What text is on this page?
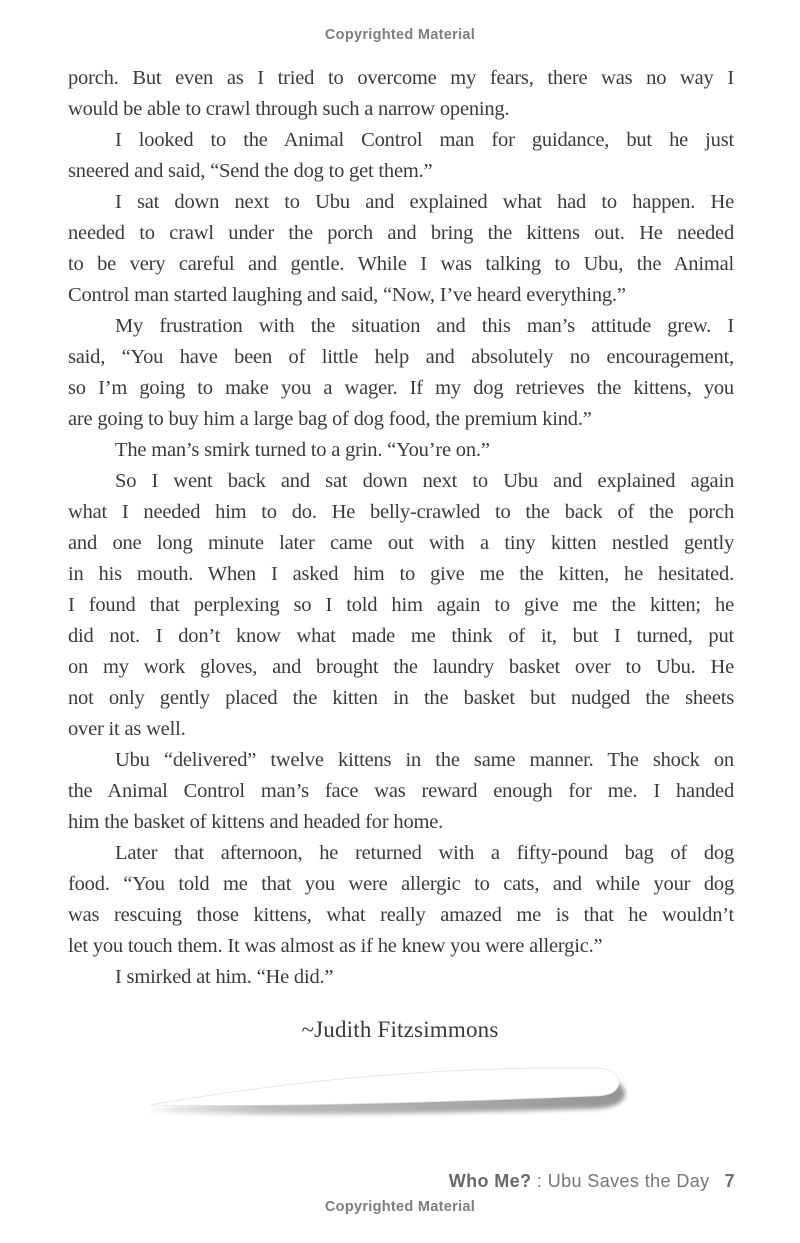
Copyrighted Material
porch. But even as I tried to overcome my fears, there was no way I
would be able to crawl through such a narrow opening.
I looked to the Animal Control man for guidance, but he just
sneered and said, “Send the dog to get them.”
I sat down next to Ubu and explained what had to happen. He
needed to crawl under the porch and bring the kittens out. He needed
to be very careful and gentle. While I was talking to Ubu, the Animal
Control man started laughing and said, “Now, I’ve heard everything.”
My frustration with the situation and this man’s attitude grew. I
said, “You have been of little help and absolutely no encouragement,
so I’m going to make you a wager. If my dog retrieves the kittens, you
are going to buy him a large bag of dog food, the premium kind.”
The man’s smirk turned to a grin. “You’re on.”
So I went back and sat down next to Ubu and explained again
what I needed him to do. He belly-crawled to the back of the porch
and one long minute later came out with a tiny kitten nestled gently
in his mouth. When I asked him to give me the kitten, he hesitated.
I found that perplexing so I told him again to give me the kitten; he
did not. I don’t know what made me think of it, but I turned, put
on my work gloves, and brought the laundry basket over to Ubu. He
not only gently placed the kitten in the basket but nudged the sheets
over it as well.
Ubu “delivered” twelve kittens in the same manner. The shock on
the Animal Control man’s face was reward enough for me. I handed
him the basket of kittens and headed for home.
Later that afternoon, he returned with a fifty-pound bag of dog
food. “You told me that you were allergic to cats, and while your dog
was rescuing those kittens, what really amazed me is that he wouldn’t
let you touch them. It was almost as if he knew you were allergic.”
I smirked at him. “He did.”
~Judith Fitzsimmons
Who Me? : Ubu Saves the Day 7
Copyrighted Material
